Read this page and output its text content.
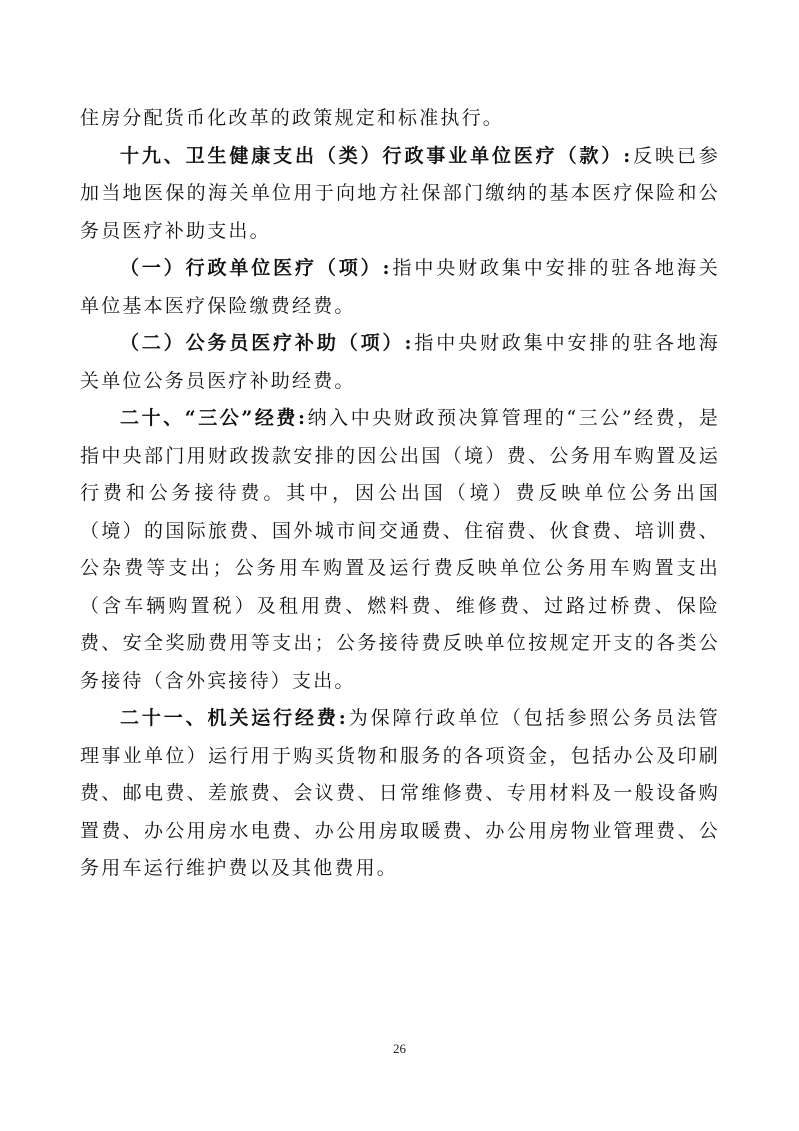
住房分配货币化改革的政策规定和标准执行。

十九、卫生健康支出（类）行政事业单位医疗（款）:反映已参加当地医保的海关单位用于向地方社保部门缴纳的基本医疗保险和公务员医疗补助支出。

（一）行政单位医疗（项）:指中央财政集中安排的驻各地海关单位基本医疗保险缴费经费。

（二）公务员医疗补助（项）:指中央财政集中安排的驻各地海关单位公务员医疗补助经费。

二十、“三公”经费:纳入中央财政预决算管理的“三公”经费，是指中央部门用财政拨款安排的因公出国（境）费、公务用车购置及运行费和公务接待费。其中，因公出国（境）费反映单位公务出国（境）的国际旅费、国外城市间交通费、住宿费、伙食费、培训费、公杂费等支出；公务用车购置及运行费反映单位公务用车购置支出（含车辆购置税）及租用费、燃料费、维修费、过路过桥费、保险费、安全奖励费用等支出；公务接待费反映单位按规定开支的各类公务接待（含外宾接待）支出。

二十一、机关运行经费:为保障行政单位（包括参照公务员法管理事业单位）运行用于购买货物和服务的各项资金，包括办公及印刷费、邮电费、差旅费、会议费、日常维修费、专用材料及一般设备购置费、办公用房水电费、办公用房取暖费、办公用房物业管理费、公务用车运行维护费以及其他费用。

26
